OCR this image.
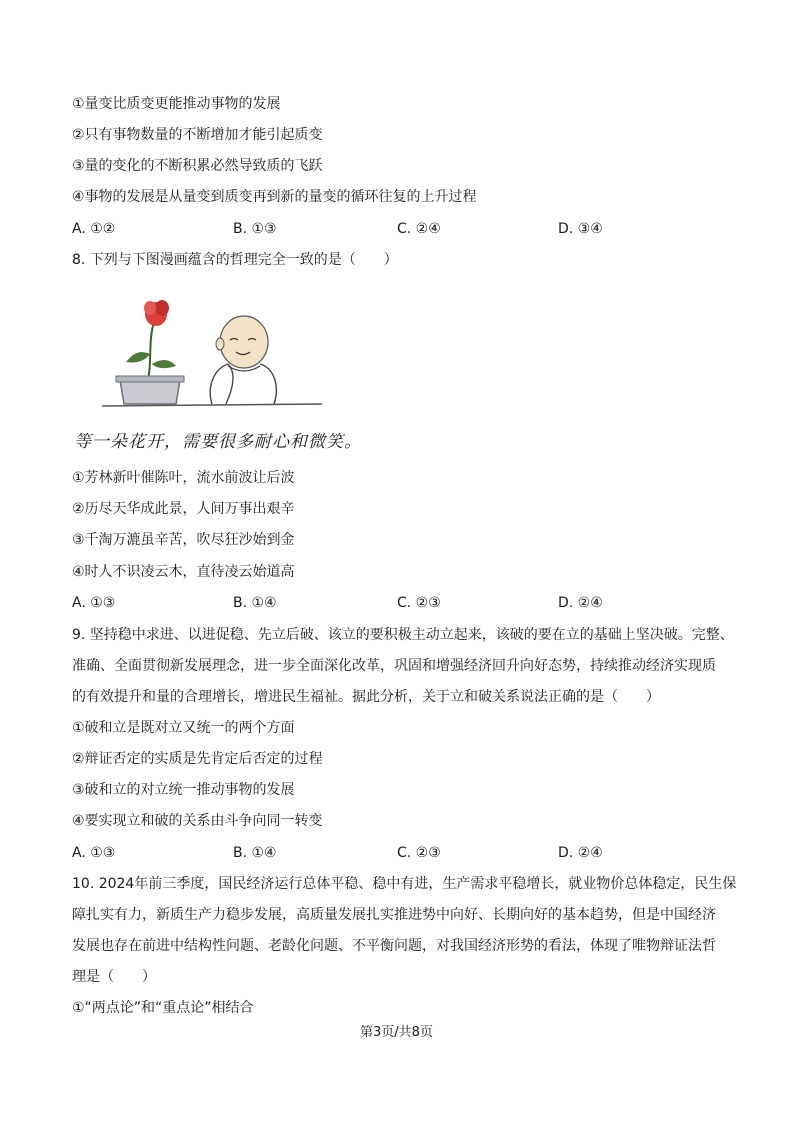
①量变比质变更能推动事物的发展
②只有事物数量的不断增加才能引起质变
③量的变化的不断积累必然导致质的飞跃
④事物的发展是从量变到质变再到新的量变的循环往复的上升过程
A. ①②	B. ①③	C. ②④	D. ③④
8. 下列与下图漫画蕴含的哲理完全一致的是（　　）
等一朵花开，需要很多耐心和微笑。
①芳林新叶催陈叶，流水前波让后波
②历尽天华成此景，人间万事出艰辛
③千淘万漉虽辛苦，吹尽狂沙始到金
④时人不识凌云木，直待凌云始道高
A. ①③	B. ①④	C. ②③	D. ②④
9. 坚持稳中求进、以进促稳、先立后破、该立的要积极主动立起来，该破的要在立的基础上坚决破。完整、
准确、全面贯彻新发展理念，进一步全面深化改革，巩固和增强经济回升向好态势，持续推动经济实现质
的有效提升和量的合理增长，增进民生福祉。据此分析，关于立和破关系说法正确的是（　　）
①破和立是既对立又统一的两个方面
②辩证否定的实质是先肯定后否定的过程
③破和立的对立统一推动事物的发展
④要实现立和破的关系由斗争向同一转变
A. ①③	B. ①④	C. ②③	D. ②④
10. 2024年前三季度，国民经济运行总体平稳、稳中有进，生产需求平稳增长，就业物价总体稳定，民生保
障扎实有力，新质生产力稳步发展，高质量发展扎实推进势中向好、长期向好的基本趋势，但是中国经济
发展也存在前进中结构性问题、老龄化问题、不平衡问题，对我国经济形势的看法，体现了唯物辩证法哲
理是（　　）
①“两点论”和“重点论”相结合
第3页/共8页
